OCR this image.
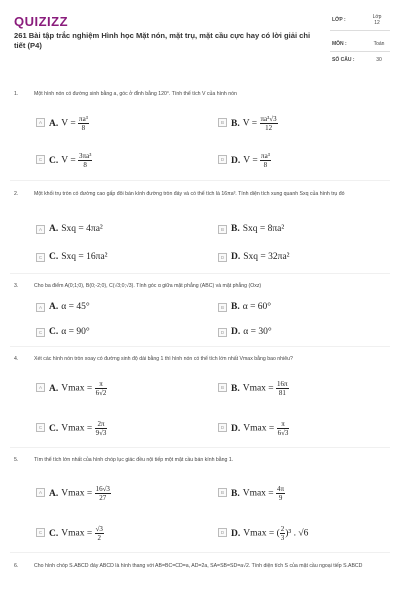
QUIZIZZ
261 Bài tập trắc nghiệm Hình học Mặt nón, mặt trụ, mặt cầu cực hay có lời giải chi tiết (P4)
LỚP :	Lớp 12
MÔN :	Toán
SỐ CÂU :	30
1.	Một hình nón có đường sinh bằng a, góc ở đỉnh bằng 120°. Tính thể tích V của hình nón
A A. $V = \frac{\text{πa³}}{8}$	B B. $V = \frac{\text{πa³√3}}{12}$
C C. $V = \frac{\text{3πa³}}{8}$	D D. $V = \frac{\text{πa³}}{8}$
2.	Một khối trụ tròn có đường cao gấp đôi bán kính đường tròn đáy và có thể tích là 16πa³. Tính diện tích xung quanh Sxq của hình trụ đó
A A. Sxq = 4πa²	B B. Sxq = 8πa²
C C. Sxq = 16πa²	D D. Sxq = 32πa²
3.	Cho ba điểm A(0;1;0), B(0;-2;0), C(√3;0;√3). Tính góc α giữa mặt phẳng (ABC) và mặt phẳng (Oxz)
A A. α = 45°	B B. α = 60°
C C. α = 90°	D D. α = 30°
4.	Xét các hình nón tròn xoay có đường sinh độ dài bằng 1 thì hình nón có thể tích lớn nhất Vmax bằng bao nhiêu?
A A. $Vmax = \frac{\pi}{6√2}$	B B. $Vmax = \frac{16\pi}{81}$
C C. $Vmax = \frac{2\pi}{9√3}$	D D. $Vmax = \frac{\pi}{6√3}$
5.	Tìm thể tích lớn nhất của hình chóp lục giác đều nội tiếp một mặt cầu bán kính bằng 1.
A A. $Vmax = \frac{16√3}{27}$	B B. $Vmax = \frac{4\pi}{9}$
C C. $Vmax = \frac{√3}{2}$	D D. Vmax = ( $\frac{2}{3} )^3$ . √6
6.	Cho hình chóp S.ABCD đáy ABCD là hình thang với AB=BC=CD=a, AD=2a, SA=SB=SD=a√2. Tính diện tích S của mặt cầu ngoại tiếp S.ABCD
